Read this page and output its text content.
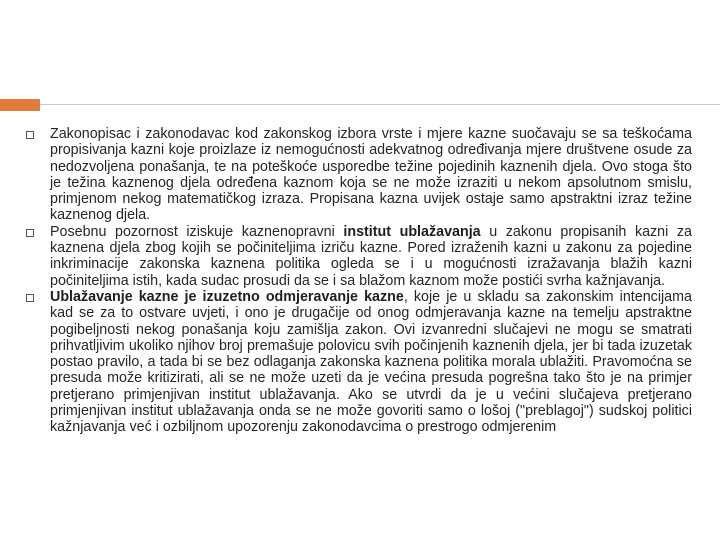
Zakonopisac i zakonodavac kod zakonskog izbora vrste i mjere kazne suočavaju se sa teškoćama propisivanja kazni koje proizlaze iz nemogućnosti adekvatnog određivanja mjere društvene osude za nedozvoljena ponašanja, te na poteškoće usporedbe težine pojedinih kaznenih djela. Ovo stoga što je težina kaznenog djela određena kaznom koja se ne može izraziti u nekom apsolutnom smislu, primjenom nekog matematičkog izraza. Propisana kazna uvijek ostaje samo apstraktni izraz težine kaznenog djela.

Posebnu pozornost iziskuje kaznenopravni institut ublažavanja u zakonu propisanih kazni za kaznena djela zbog kojih se počiniteljima izriču kazne. Pored izraženih kazni u zakonu za pojedine inkriminacije zakonska kaznena politika ogleda se i u mogućnosti izražavanja blažih kazni počiniteljima istih, kada sudac prosudi da se i sa blažom kaznom može postići svrha kažnjavanja.

Ublažavanje kazne je izuzetno odmjeravanje kazne, koje je u skladu sa zakonskim intencijama kad se za to ostvare uvjeti, i ono je drugačije od onog odmjeravanja kazne na temelju apstraktne pogibeljnosti nekog ponašanja koju zamišlja zakon. Ovi izvanredni slučajevi ne mogu se smatrati prihvatljivim ukoliko njihov broj premašuje polovicu svih počinjenih kaznenih djela, jer bi tada izuzetak postao pravilo, a tada bi se bez odlaganja zakonska kaznena politika morala ublažiti. Pravomoćna se presuda može kritizirati, ali se ne može uzeti da je većina presuda pogrešna tako što je na primjer pretjerano primjenjivan institut ublažavanja. Ako se utvrdi da je u većini slučajeva pretjerano primjenjivan institut ublažavanja onda se ne može govoriti samo o lošoj ("preblagoj") sudskoj politici kažnjavanja već i ozbiljnom upozorenju zakonodavcima o prestrogo odmjerenim
